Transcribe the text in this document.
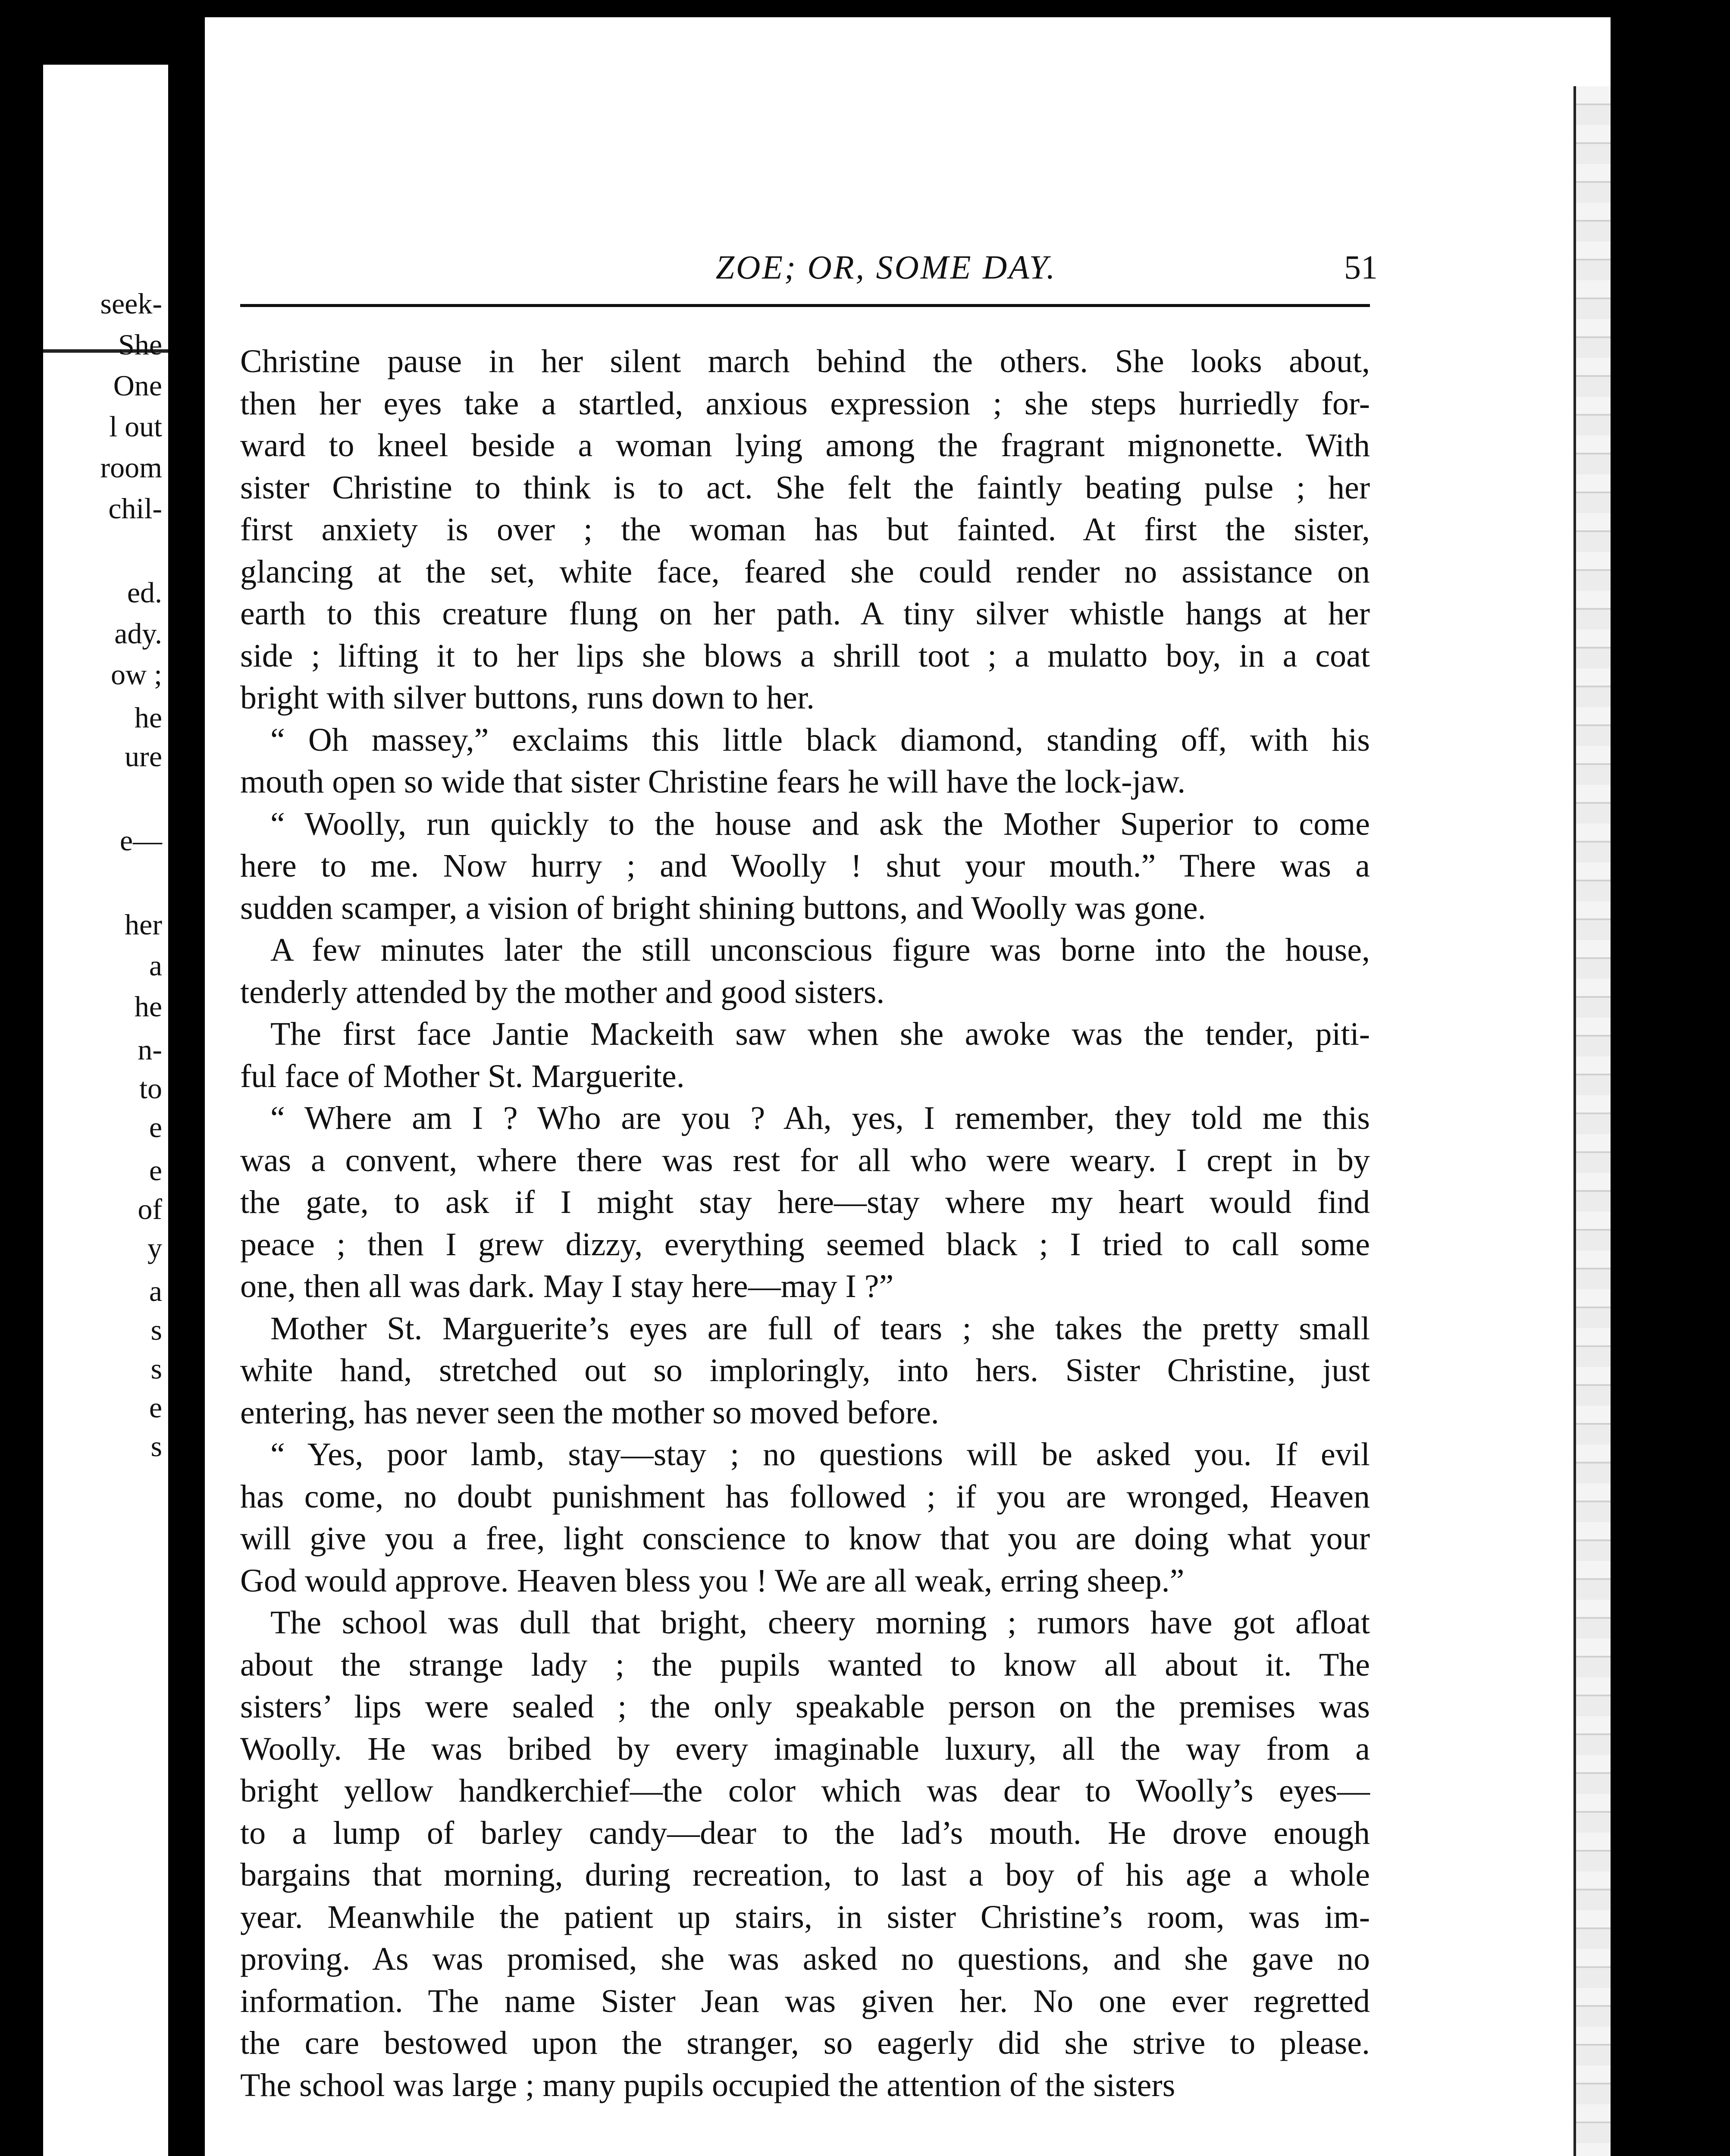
seek-
She
One
l out
room
chil-
ed.
ady.
ow ;
he
ure
e—
her
a
he
n-
to
e
e
of
y
a
s
s
e
s
ZOE; OR, SOME DAY.	51
Christine pause in her silent march behind the others. She looks about,
then her eyes take a startled, anxious expression ; she steps hurriedly for-
ward to kneel beside a woman lying among the fragrant mignonette. With
sister Christine to think is to act. She felt the faintly beating pulse ; her
first anxiety is over ; the woman has but fainted. At first the sister,
glancing at the set, white face, feared she could render no assistance on
earth to this creature flung on her path. A tiny silver whistle hangs at her
side ; lifting it to her lips she blows a shrill toot ; a mulatto boy, in a coat
bright with silver buttons, runs down to her.
“ Oh massey,” exclaims this little black diamond, standing off, with his
mouth open so wide that sister Christine fears he will have the lock-jaw.
“ Woolly, run quickly to the house and ask the Mother Superior to come
here to me. Now hurry ; and Woolly ! shut your mouth.” There was a
sudden scamper, a vision of bright shining buttons, and Woolly was gone.
A few minutes later the still unconscious figure was borne into the house,
tenderly attended by the mother and good sisters.
The first face Jantie Mackeith saw when she awoke was the tender, piti-
ful face of Mother St. Marguerite.
“ Where am I ? Who are you ? Ah, yes, I remember, they told me this
was a convent, where there was rest for all who were weary. I crept in by
the gate, to ask if I might stay here—stay where my heart would find
peace ; then I grew dizzy, everything seemed black ; I tried to call some
one, then all was dark. May I stay here—may I ?”
Mother St. Marguerite’s eyes are full of tears ; she takes the pretty small
white hand, stretched out so imploringly, into hers. Sister Christine, just
entering, has never seen the mother so moved before.
“ Yes, poor lamb, stay—stay ; no questions will be asked you. If evil
has come, no doubt punishment has followed ; if you are wronged, Heaven
will give you a free, light conscience to know that you are doing what your
God would approve. Heaven bless you ! We are all weak, erring sheep.”
The school was dull that bright, cheery morning ; rumors have got afloat
about the strange lady ; the pupils wanted to know all about it. The
sisters’ lips were sealed ; the only speakable person on the premises was
Woolly. He was bribed by every imaginable luxury, all the way from a
bright yellow handkerchief—the color which was dear to Woolly’s eyes—
to a lump of barley candy—dear to the lad’s mouth. He drove enough
bargains that morning, during recreation, to last a boy of his age a whole
year. Meanwhile the patient up stairs, in sister Christine’s room, was im-
proving. As was promised, she was asked no questions, and she gave no
information. The name Sister Jean was given her. No one ever regretted
the care bestowed upon the stranger, so eagerly did she strive to please.
The school was large ; many pupils occupied the attention of the sisters
